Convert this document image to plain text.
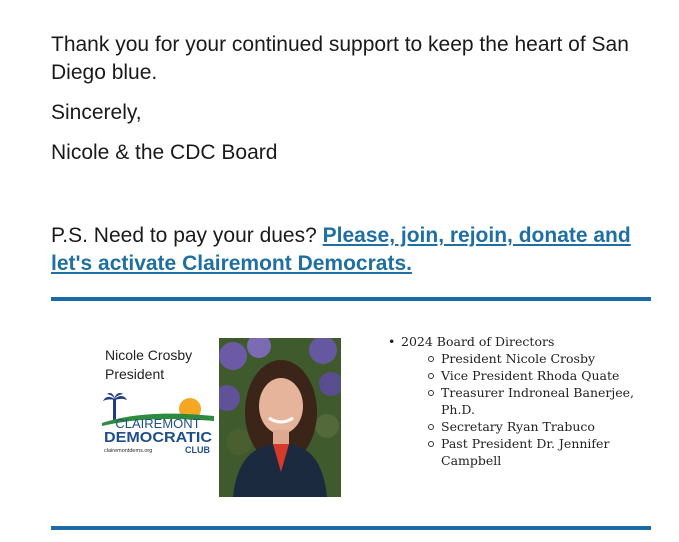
Thank you for your continued support to keep the heart of San Diego blue.

Sincerely,

Nicole & the CDC Board

P.S. Need to pay your dues? Please, join, rejoin, donate and let's activate Clairemont Democrats.

Nicole Crosby
President
CLAIREMONT
DEMOCRATIC
CLUB
clairemontdems.org
• 2024 Board of Directors
President Nicole Crosby
Vice President Rhoda Quate
Treasurer Indroneal Banerjee, Ph.D.
Secretary Ryan Trabuco
Past President Dr. Jennifer Campbell
